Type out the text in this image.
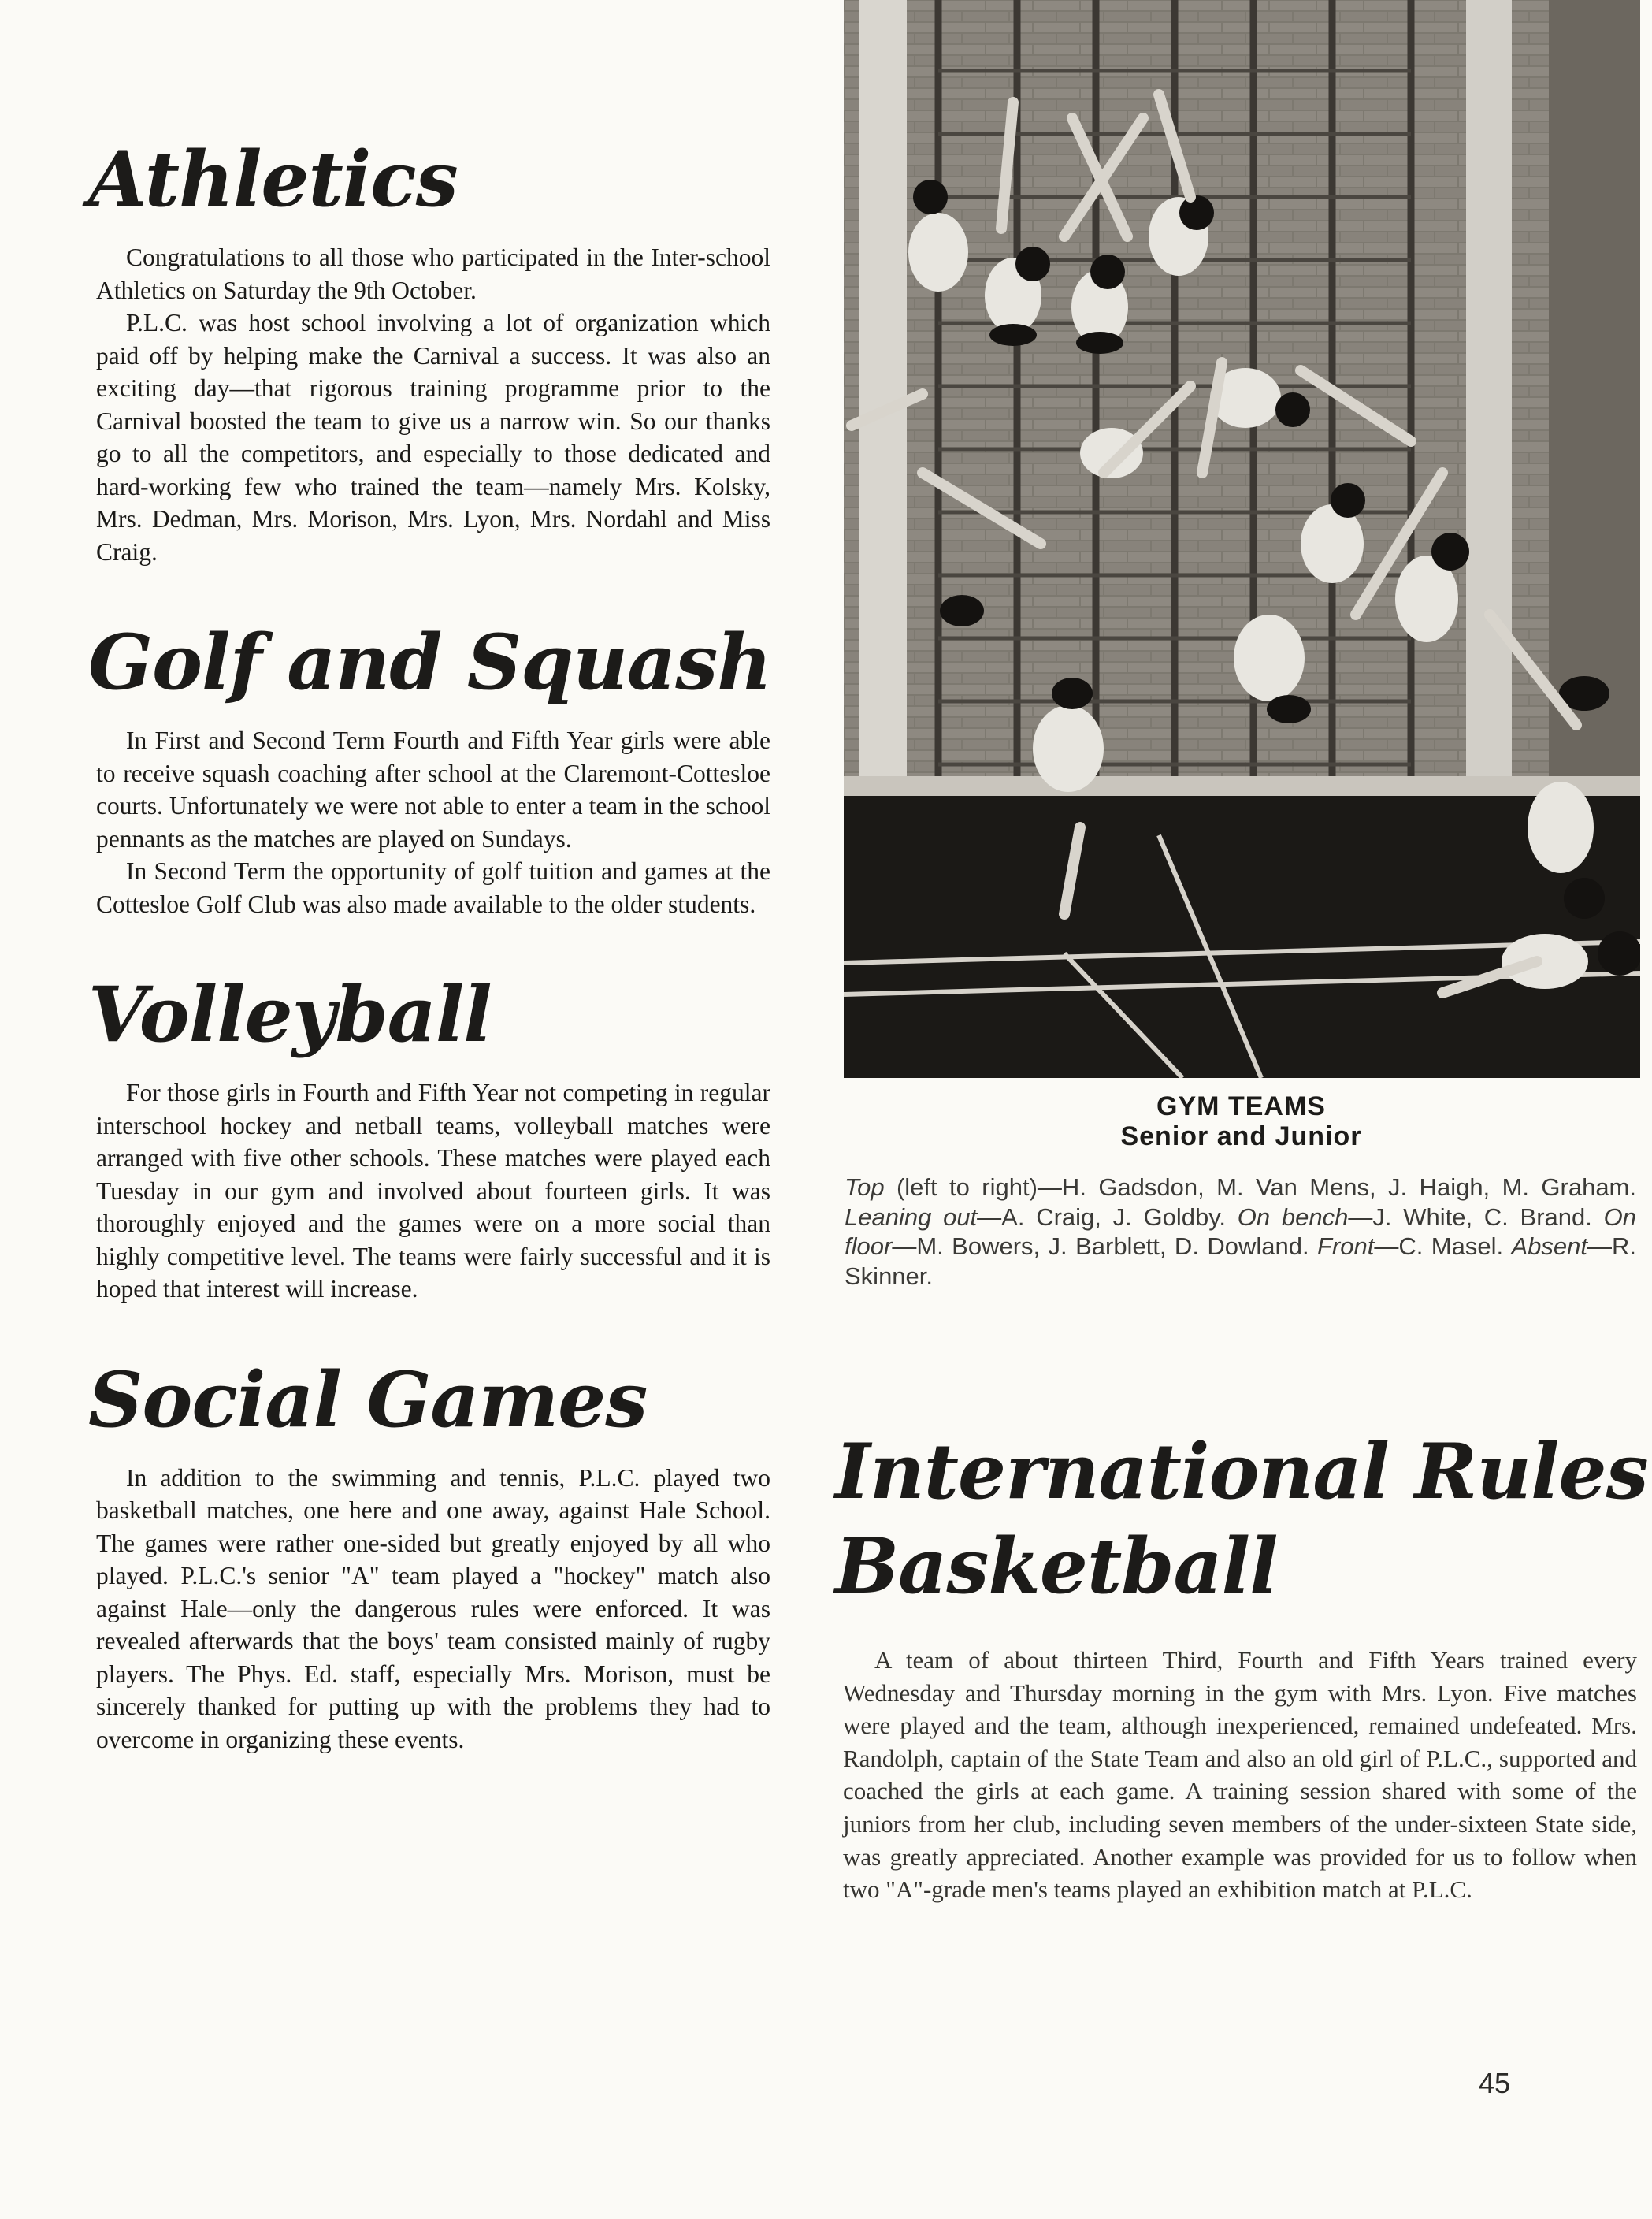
Athletics

Congratulations to all those who participated in the Inter-school Athletics on Saturday the 9th October.

P.L.C. was host school involving a lot of organization which paid off by helping make the Carnival a success. It was also an exciting day—that rigorous training programme prior to the Carnival boosted the team to give us a narrow win. So our thanks go to all the competitors, and especially to those dedicated and hard-working few who trained the team—namely Mrs. Kolsky, Mrs. Dedman, Mrs. Morison, Mrs. Lyon, Mrs. Nordahl and Miss Craig.

Golf and Squash

In First and Second Term Fourth and Fifth Year girls were able to receive squash coaching after school at the Claremont-Cottesloe courts. Unfortunately we were not able to enter a team in the school pennants as the matches are played on Sundays.

In Second Term the opportunity of golf tuition and games at the Cottesloe Golf Club was also made available to the older students.

Volleyball

For those girls in Fourth and Fifth Year not competing in regular interschool hockey and netball teams, volleyball matches were arranged with five other schools. These matches were played each Tuesday in our gym and involved about fourteen girls. It was thoroughly enjoyed and the games were on a more social than highly competitive level. The teams were fairly successful and it is hoped that interest will increase.

Social Games

In addition to the swimming and tennis, P.L.C. played two basketball matches, one here and one away, against Hale School. The games were rather one-sided but greatly enjoyed by all who played. P.L.C.'s senior "A" team played a "hockey" match also against Hale—only the dangerous rules were enforced. It was revealed afterwards that the boys' team consisted mainly of rugby players. The Phys. Ed. staff, especially Mrs. Morison, must be sincerely thanked for putting up with the problems they had to overcome in organizing these events.

GYM TEAMS
Senior and Junior

Top (left to right)—H. Gadsdon, M. Van Mens, J. Haigh, M. Graham. Leaning out—A. Craig, J. Goldby. On bench—J. White, C. Brand. On floor—M. Bowers, J. Barblett, D. Dowland. Front—C. Masel. Absent—R. Skinner.

International Rules
Basketball

A team of about thirteen Third, Fourth and Fifth Years trained every Wednesday and Thursday morning in the gym with Mrs. Lyon. Five matches were played and the team, although inexperienced, remained undefeated. Mrs. Randolph, captain of the State Team and also an old girl of P.L.C., supported and coached the girls at each game. A training session shared with some of the juniors from her club, including seven members of the under-sixteen State side, was greatly appreciated. Another example was provided for us to follow when two "A"-grade men's teams played an exhibition match at P.L.C.

45
